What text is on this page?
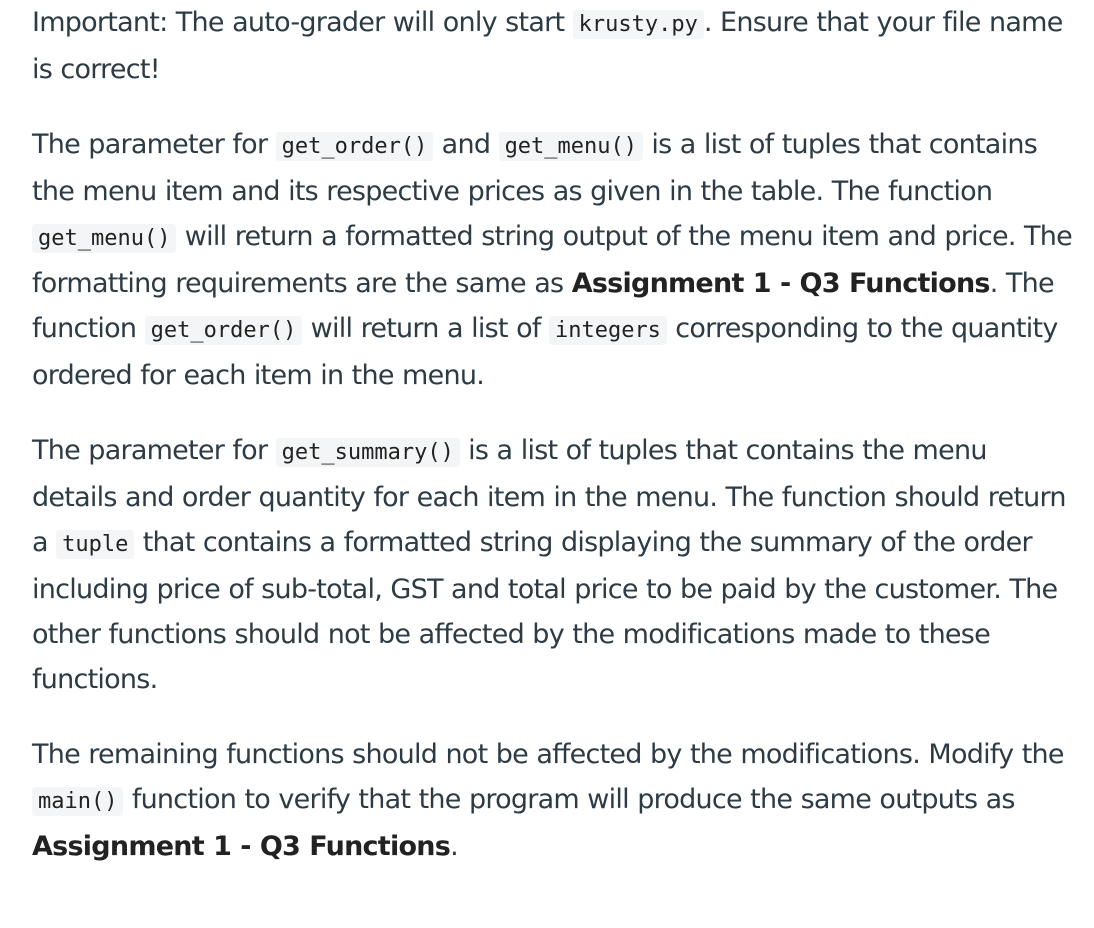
Important: The auto-grader will only start krusty.py . Ensure that your file name is correct!

The parameter for get_order() and get_menu() is a list of tuples that contains the menu item and its respective prices as given in the table. The function get_menu() will return a formatted string output of the menu item and price. The formatting requirements are the same as Assignment 1 - Q3 Functions. The function get_order() will return a list of integers corresponding to the quantity ordered for each item in the menu.

The parameter for get_summary() is a list of tuples that contains the menu details and order quantity for each item in the menu. The function should return a tuple that contains a formatted string displaying the summary of the order including price of sub-total, GST and total price to be paid by the customer. The other functions should not be affected by the modifications made to these functions.

The remaining functions should not be affected by the modifications. Modify the main() function to verify that the program will produce the same outputs as Assignment 1 - Q3 Functions.
